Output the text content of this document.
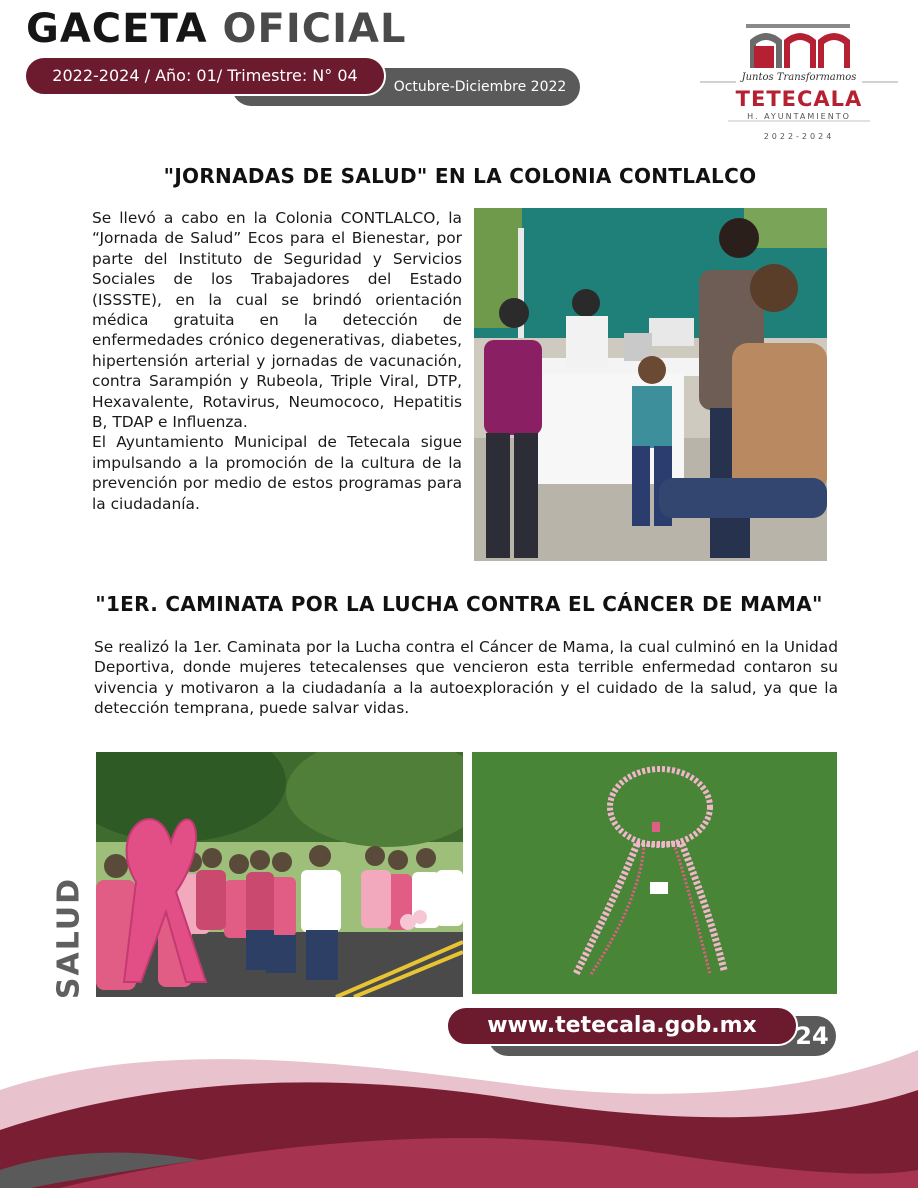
GACETA OFICIAL
Octubre-Diciembre 2022
2022-2024 / Año: 01/ Trimestre: N° 04	Juntos Transformamos
TETECALA
H. AYUNTAMIENTO
2022-2024
"JORNADAS DE SALUD" EN LA COLONIA CONTLALCO

Se llevó a cabo en la Colonia CONTLALCO, la “Jornada de Salud” Ecos para el Bienestar, por parte del Instituto de Seguridad y Servicios Sociales de los Trabajadores del Estado (ISSSTE), en la cual se brindó orientación médica gratuita en la detección de enfermedades crónico degenerativas, diabetes, hipertensión arterial y jornadas de vacunación, contra Sarampión y Rubeola, Triple Viral, DTP, Hexavalente, Rotavirus, Neumococo, Hepatitis B, TDAP e Influenza.

El Ayuntamiento Municipal de Tetecala sigue impulsando a la promoción de la cultura de la prevención por medio de estos programas para la ciudadanía.

"1ER. CAMINATA POR LA LUCHA CONTRA EL CÁNCER DE MAMA"
Se realizó la 1er. Caminata por la Lucha contra el Cáncer de Mama, la cual culminó en la Unidad Deportiva, donde mujeres tetecalenses que vencieron esta terrible enfermedad contaron su vivencia y motivaron a la ciudadanía a la autoexploración y el cuidado de la salud, ya que la detección temprana, puede salvar vidas.
SALUD
www.tetecala.gob.mx	24
